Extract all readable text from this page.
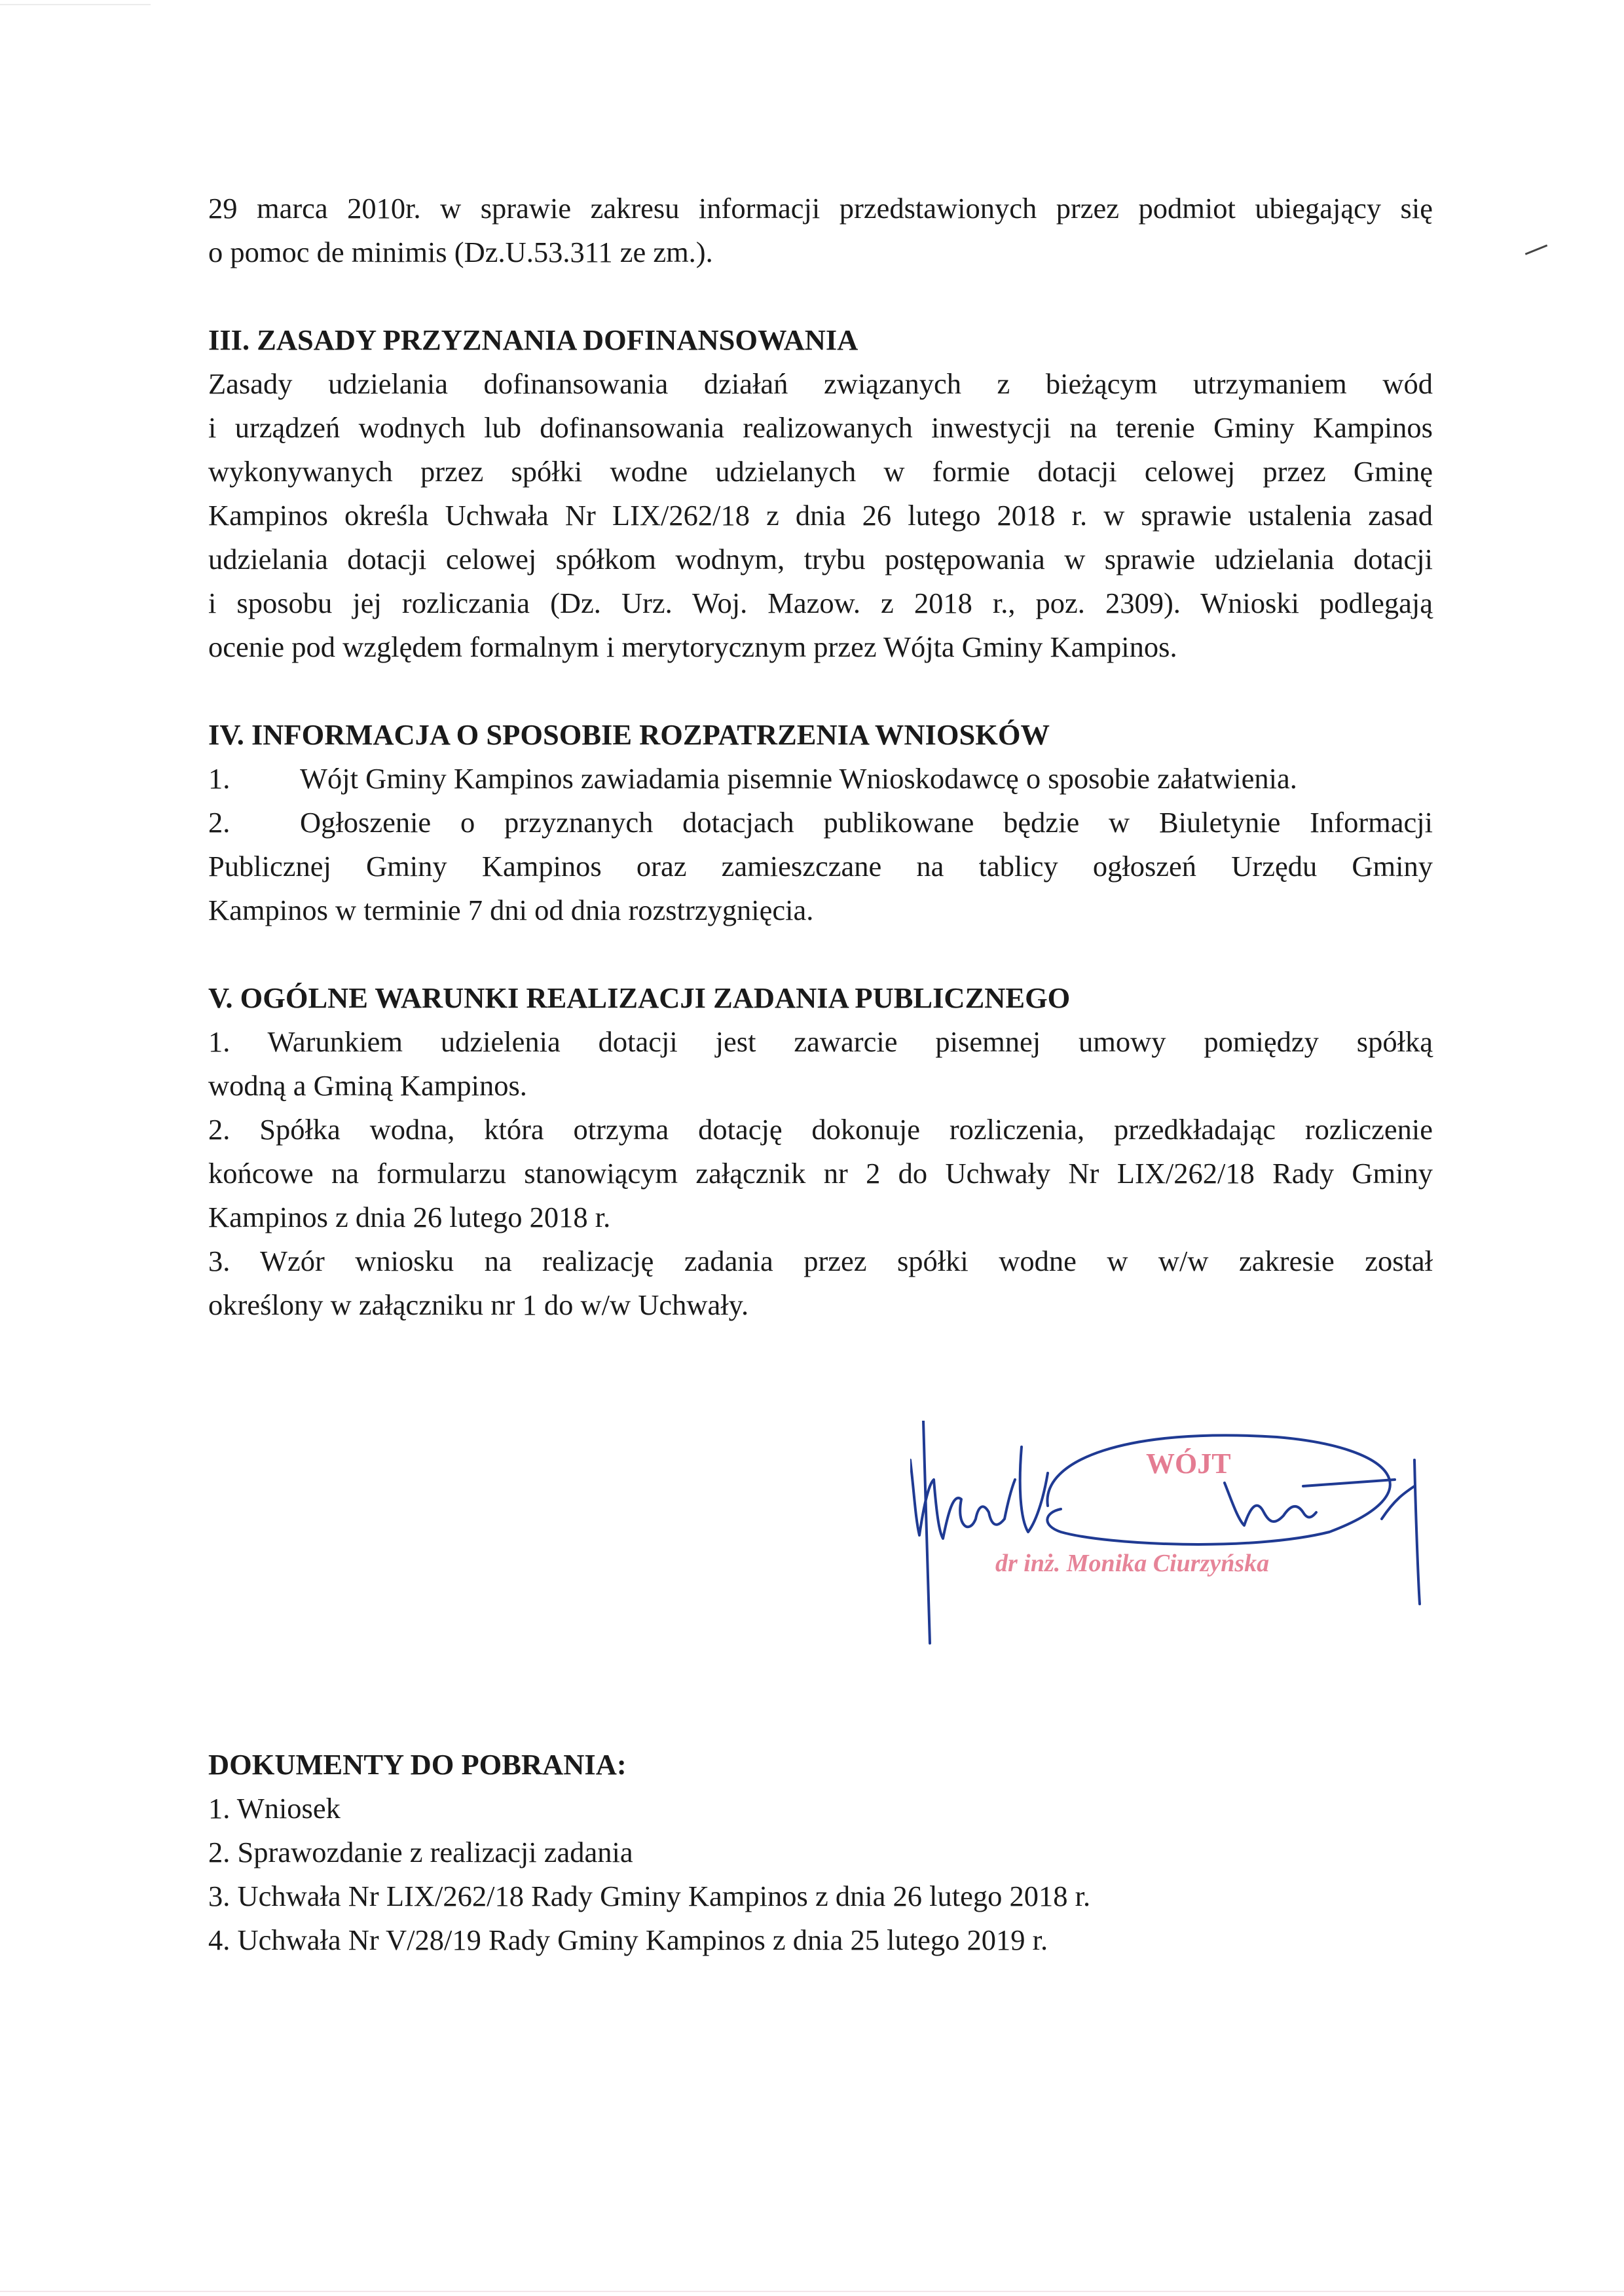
29 marca 2010r. w sprawie zakresu informacji przedstawionych przez podmiot ubiegający się

o pomoc de minimis (Dz.U.53.311 ze zm.).

III. ZASADY PRZYZNANIA DOFINANSOWANIA

Zasady udzielania dofinansowania działań związanych z bieżącym utrzymaniem wód

i urządzeń wodnych lub dofinansowania realizowanych inwestycji na terenie Gminy Kampinos

wykonywanych przez spółki wodne udzielanych w formie dotacji celowej przez Gminę

Kampinos określa Uchwała Nr LIX/262/18 z dnia 26 lutego 2018 r. w sprawie ustalenia zasad

udzielania dotacji celowej spółkom wodnym, trybu postępowania w sprawie udzielania dotacji

i sposobu jej rozliczania (Dz. Urz. Woj. Mazow. z 2018 r., poz. 2309). Wnioski podlegają

ocenie pod względem formalnym i merytorycznym przez Wójta Gminy Kampinos.

IV. INFORMACJA O SPOSOBIE ROZPATRZENIA WNIOSKÓW

1. Wójt Gminy Kampinos zawiadamia pisemnie Wnioskodawcę o sposobie załatwienia.

2.	Ogłoszenie o przyznanych dotacjach publikowane będzie w Biuletynie Informacji

Publicznej Gminy Kampinos oraz zamieszczane na tablicy ogłoszeń Urzędu Gminy

Kampinos w terminie 7 dni od dnia rozstrzygnięcia.

V. OGÓLNE WARUNKI REALIZACJI ZADANIA PUBLICZNEGO

1. Warunkiem udzielenia dotacji jest zawarcie pisemnej umowy pomiędzy spółką

wodną a Gminą Kampinos.

2. Spółka wodna, która otrzyma dotację dokonuje rozliczenia, przedkładając rozliczenie

końcowe na formularzu stanowiącym załącznik nr 2 do Uchwały Nr LIX/262/18 Rady Gminy

Kampinos z dnia 26 lutego 2018 r.

3. Wzór wniosku na realizację zadania przez spółki wodne w w/w zakresie został

określony w załączniku nr 1 do w/w Uchwały.

DOKUMENTY DO POBRANIA:

1. Wniosek

2. Sprawozdanie z realizacji zadania

3. Uchwała Nr LIX/262/18 Rady Gminy Kampinos z dnia 26 lutego 2018 r.

4. Uchwała Nr V/28/19 Rady Gminy Kampinos z dnia 25 lutego 2019 r.

WÓJT
dr inż. Monika Ciurzyńska
